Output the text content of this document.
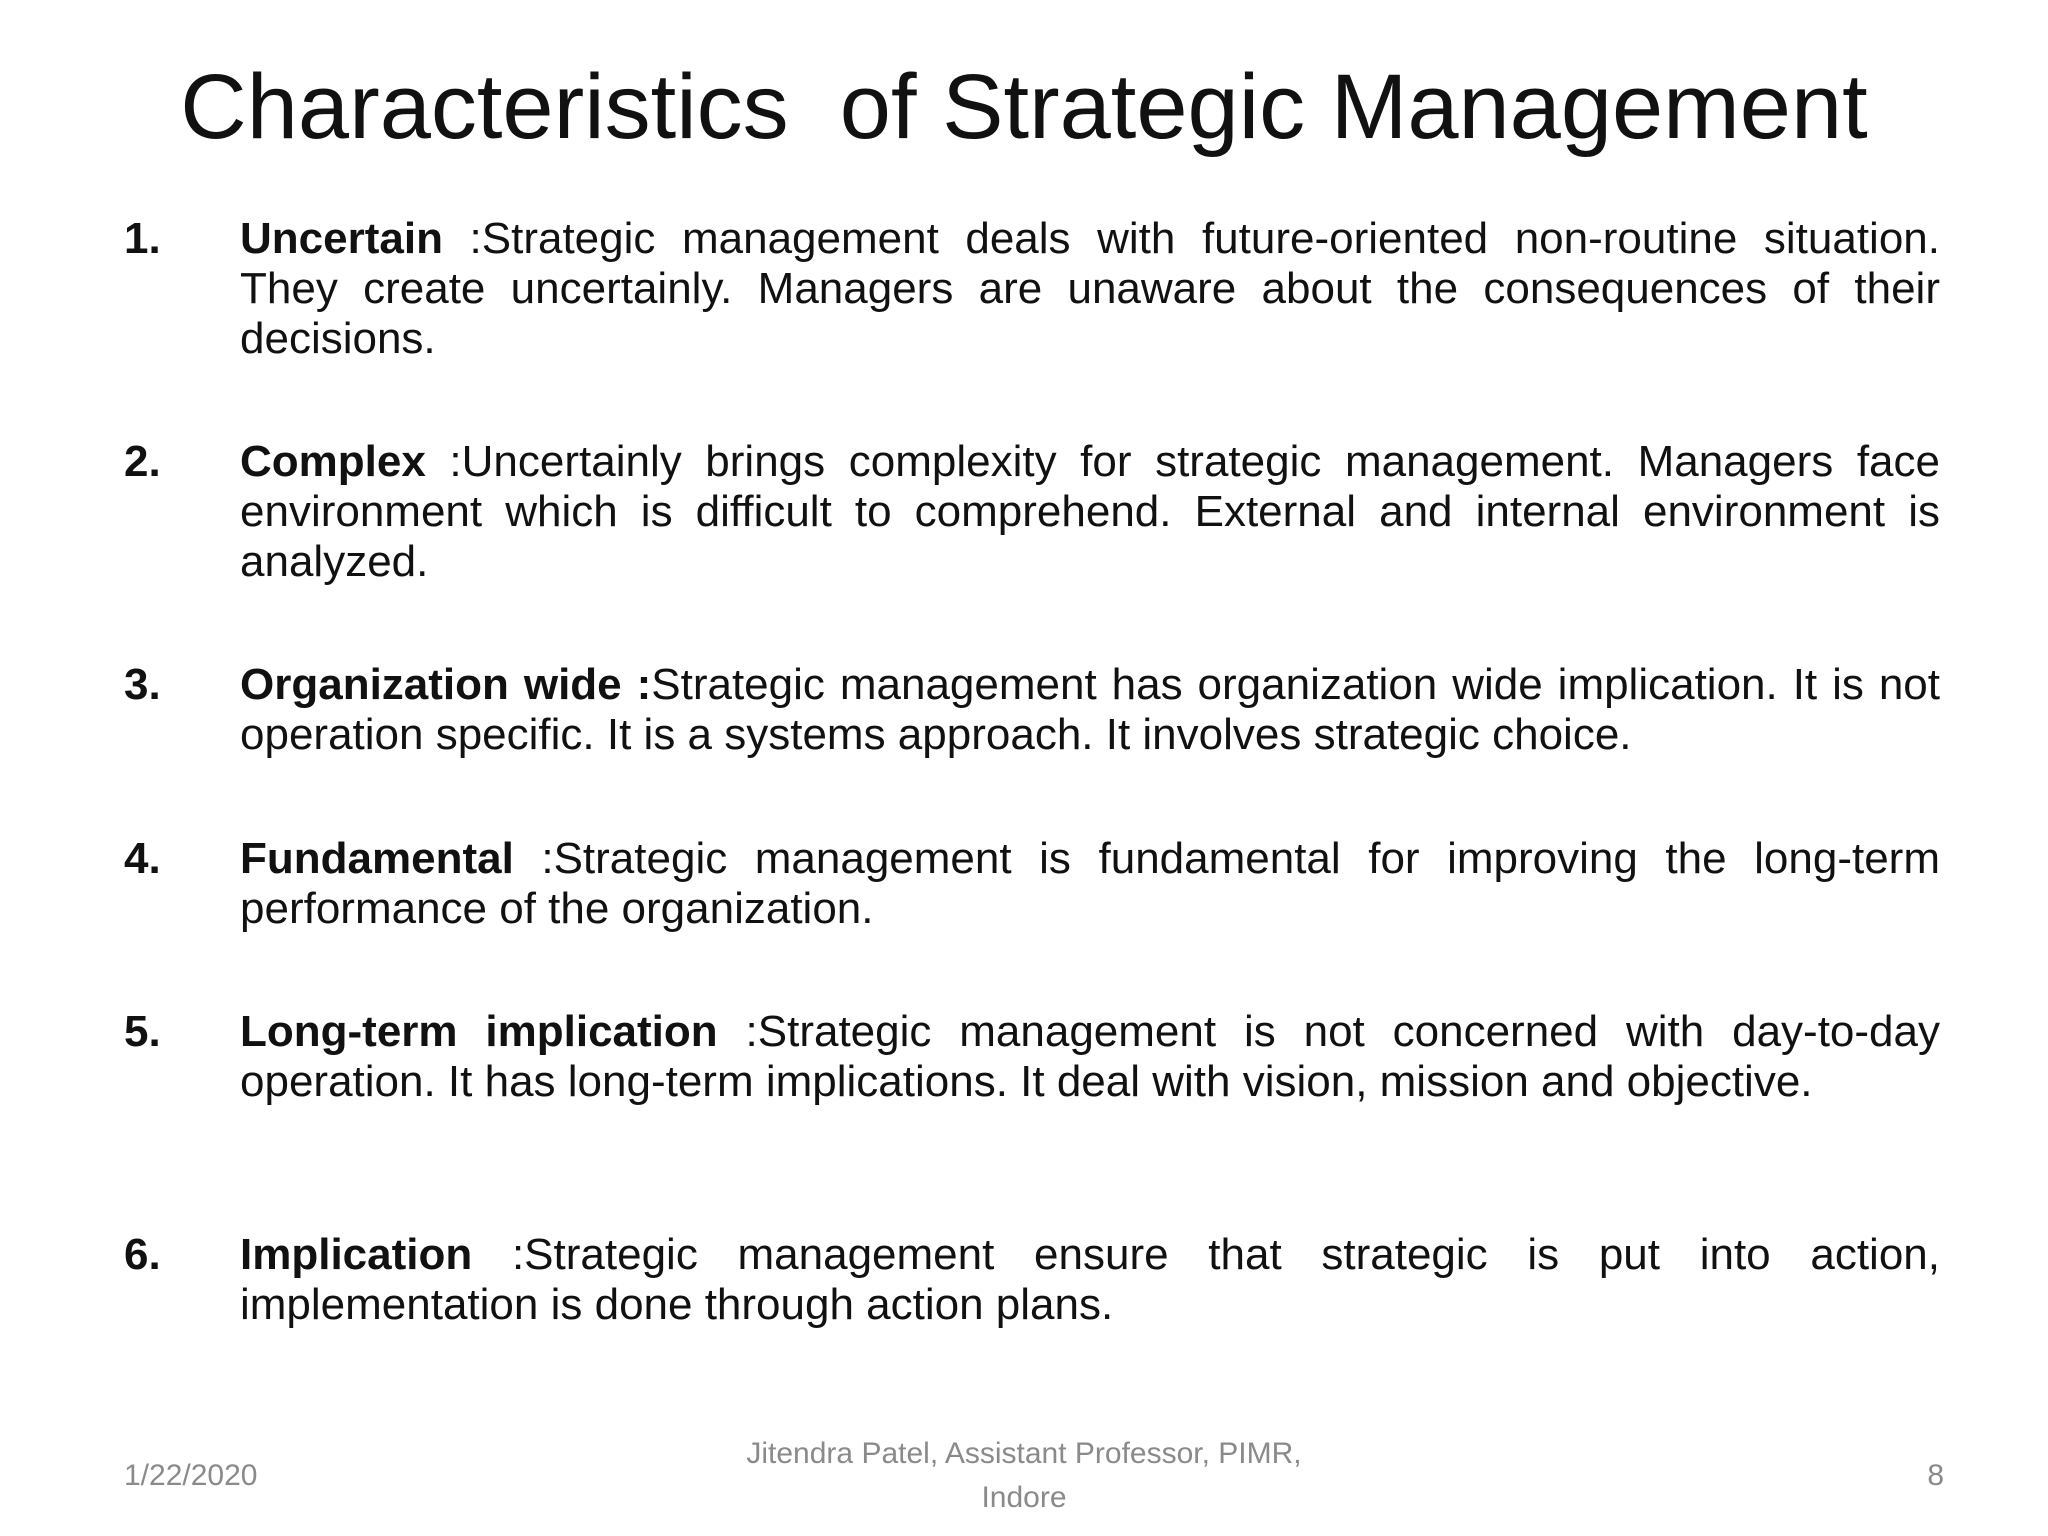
Characteristics  of Strategic Management
1. Uncertain :Strategic management deals with future-oriented non-routine situation. They create uncertainly. Managers are unaware about the consequences of their decisions.
2. Complex :Uncertainly brings complexity for strategic management. Managers face environment which is difficult to comprehend. External and internal environment is analyzed.
3. Organization wide :Strategic management has organization wide implication. It is not operation specific. It is a systems approach. It involves strategic choice.
4. Fundamental :Strategic management is fundamental for improving the long-term performance of the organization.
5. Long-term implication :Strategic management is not concerned with day-to-day operation. It has long-term implications. It deal with vision, mission and objective.
6. Implication :Strategic management ensure that strategic is put into action, implementation is done through action plans.
1/22/2020
Jitendra Patel, Assistant Professor, PIMR,
Indore
8
